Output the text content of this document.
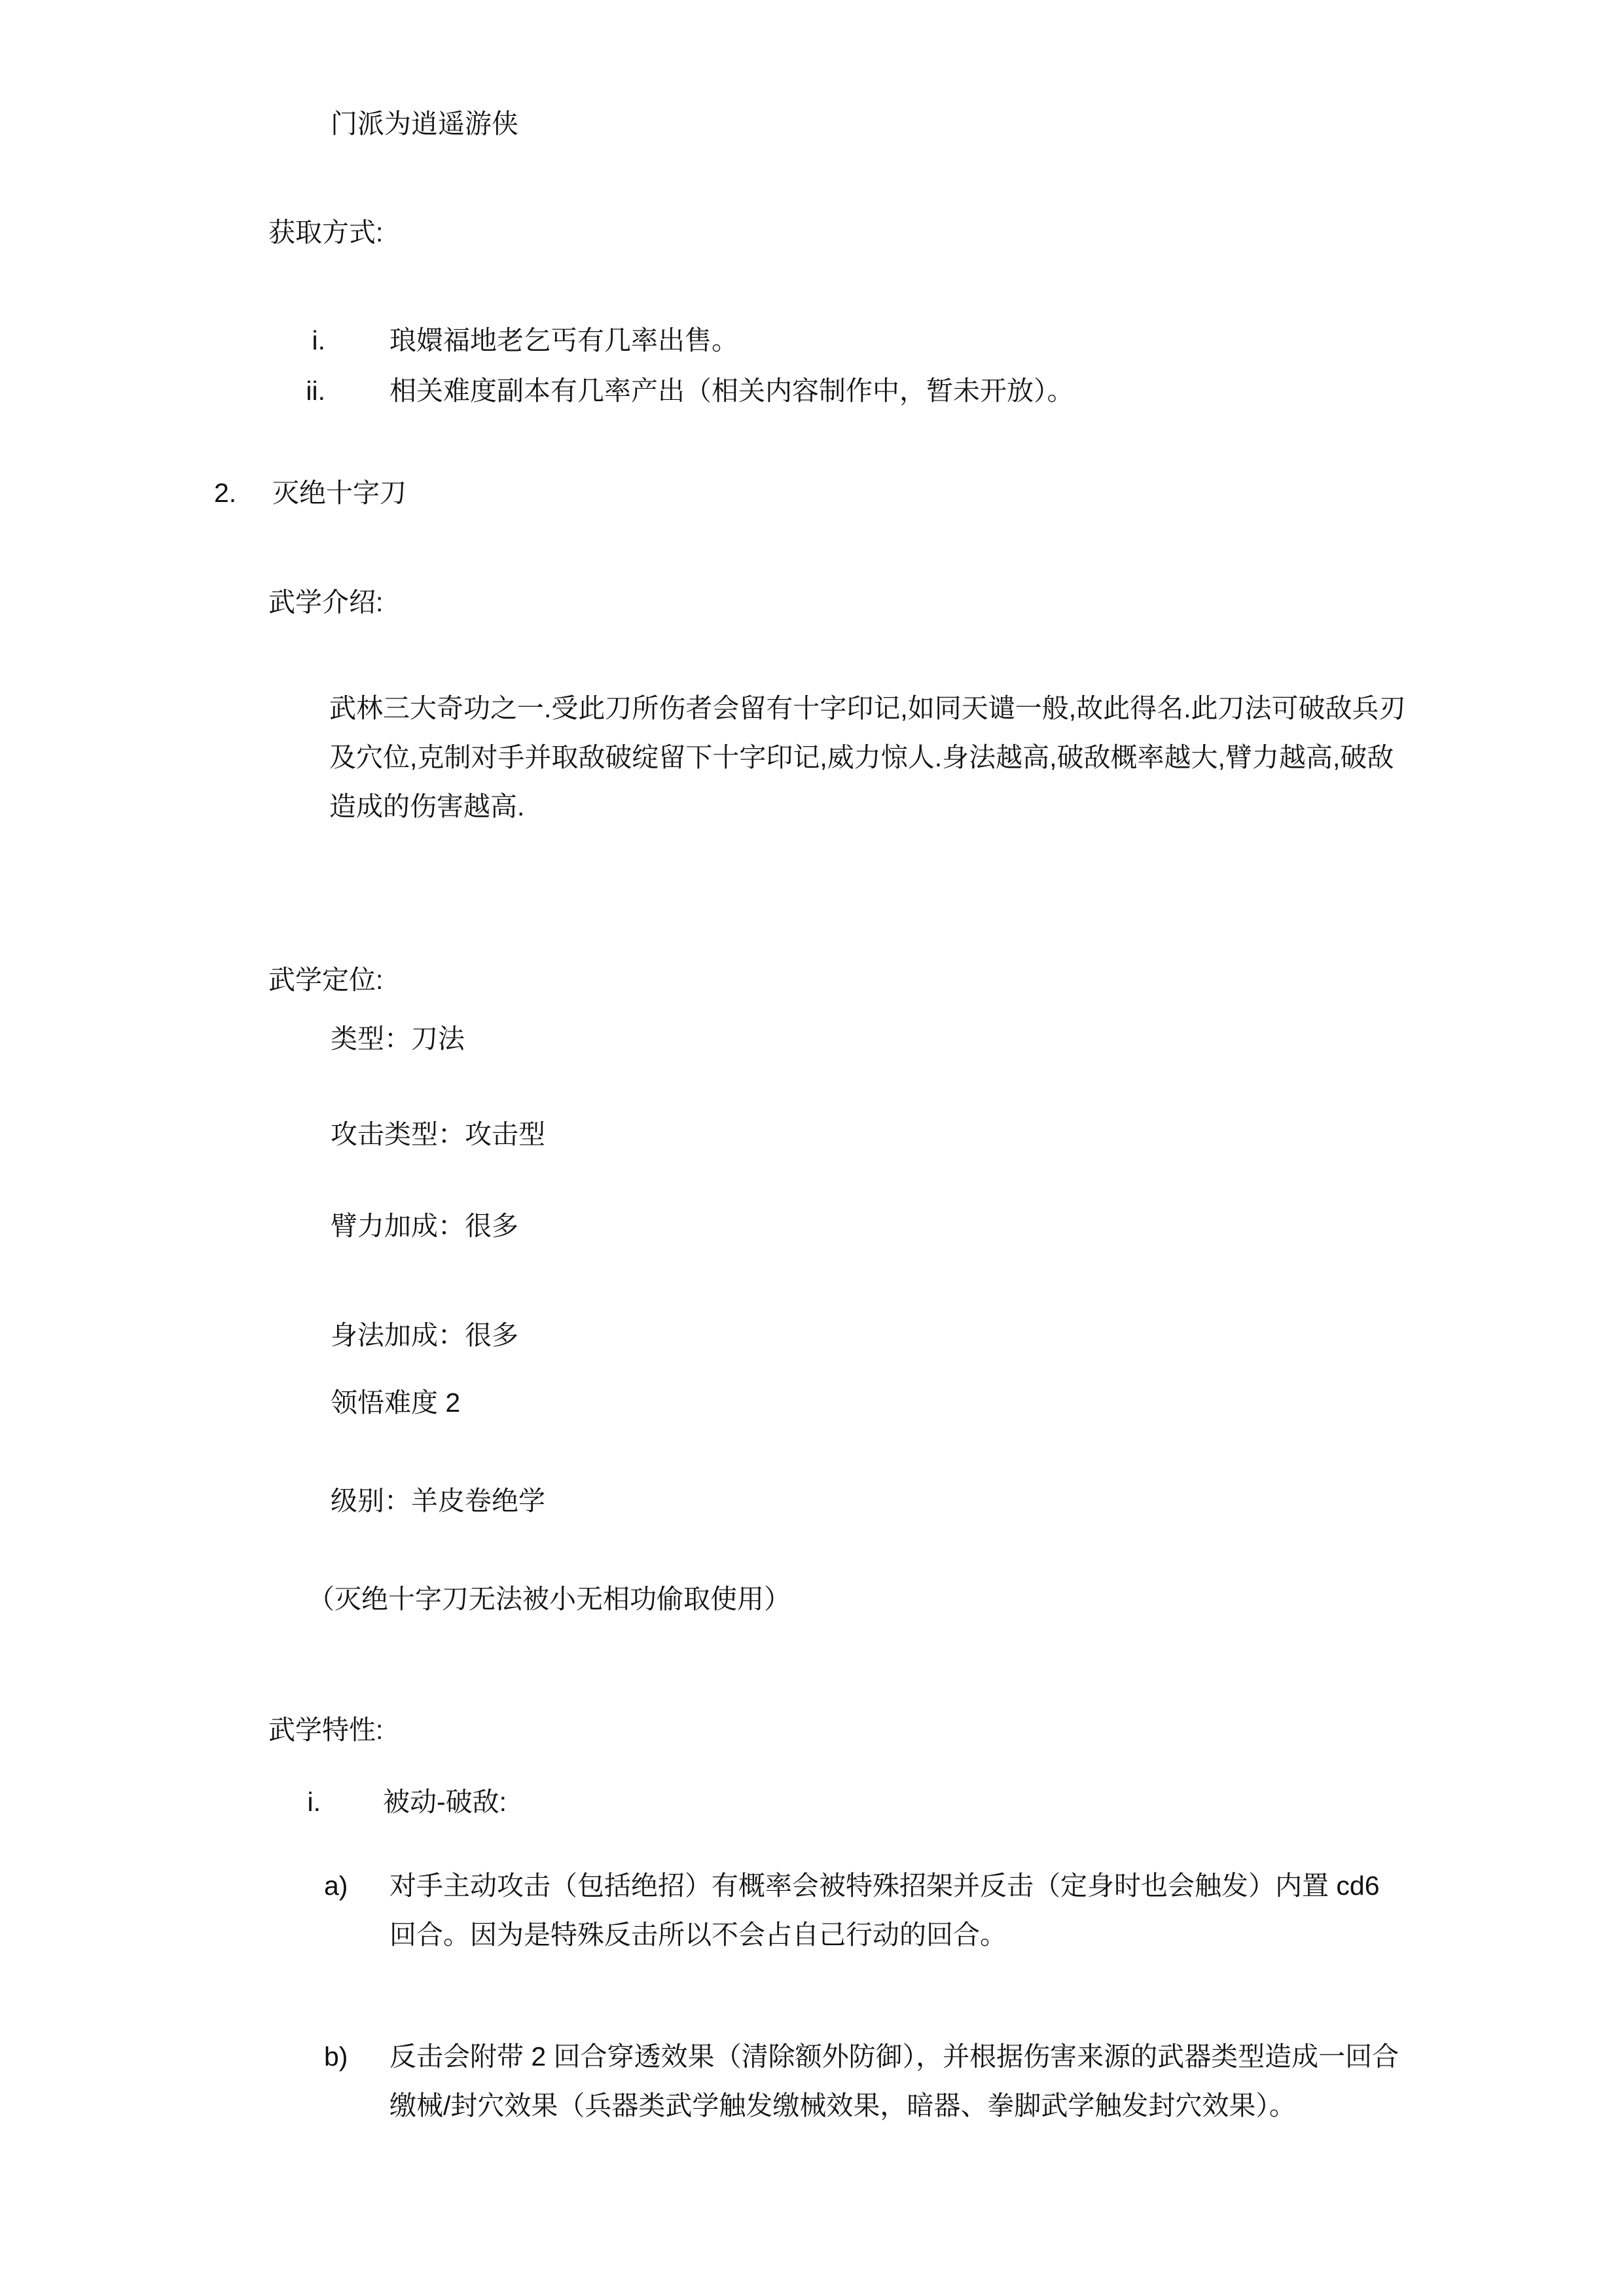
门派为逍遥游侠
获取方式:
i. 琅嬛福地老乞丐有几率出售。
ii. 相关难度副本有几率产出（相关内容制作中，暂未开放）。
2. 灭绝十字刀
武学介绍:
武林三大奇功之一.受此刀所伤者会留有十字印记,如同天谴一般,故此得名.此刀法可破敌兵刃
及穴位,克制对手并取敌破绽留下十字印记,威力惊人.身法越高,破敌概率越大,臂力越高,破敌
造成的伤害越高.
武学定位:
类型：刀法
攻击类型：攻击型
臂力加成：很多
身法加成：很多
领悟难度 2
级别：羊皮卷绝学
（灭绝十字刀无法被小无相功偷取使用）
武学特性:
i. 被动-破敌:
a) 对手主动攻击（包括绝招）有概率会被特殊招架并反击（定身时也会触发）内置 cd6
回合。因为是特殊反击所以不会占自己行动的回合。
b) 反击会附带 2 回合穿透效果（清除额外防御），并根据伤害来源的武器类型造成一回合
缴械/封穴效果（兵器类武学触发缴械效果，暗器、拳脚武学触发封穴效果）。
